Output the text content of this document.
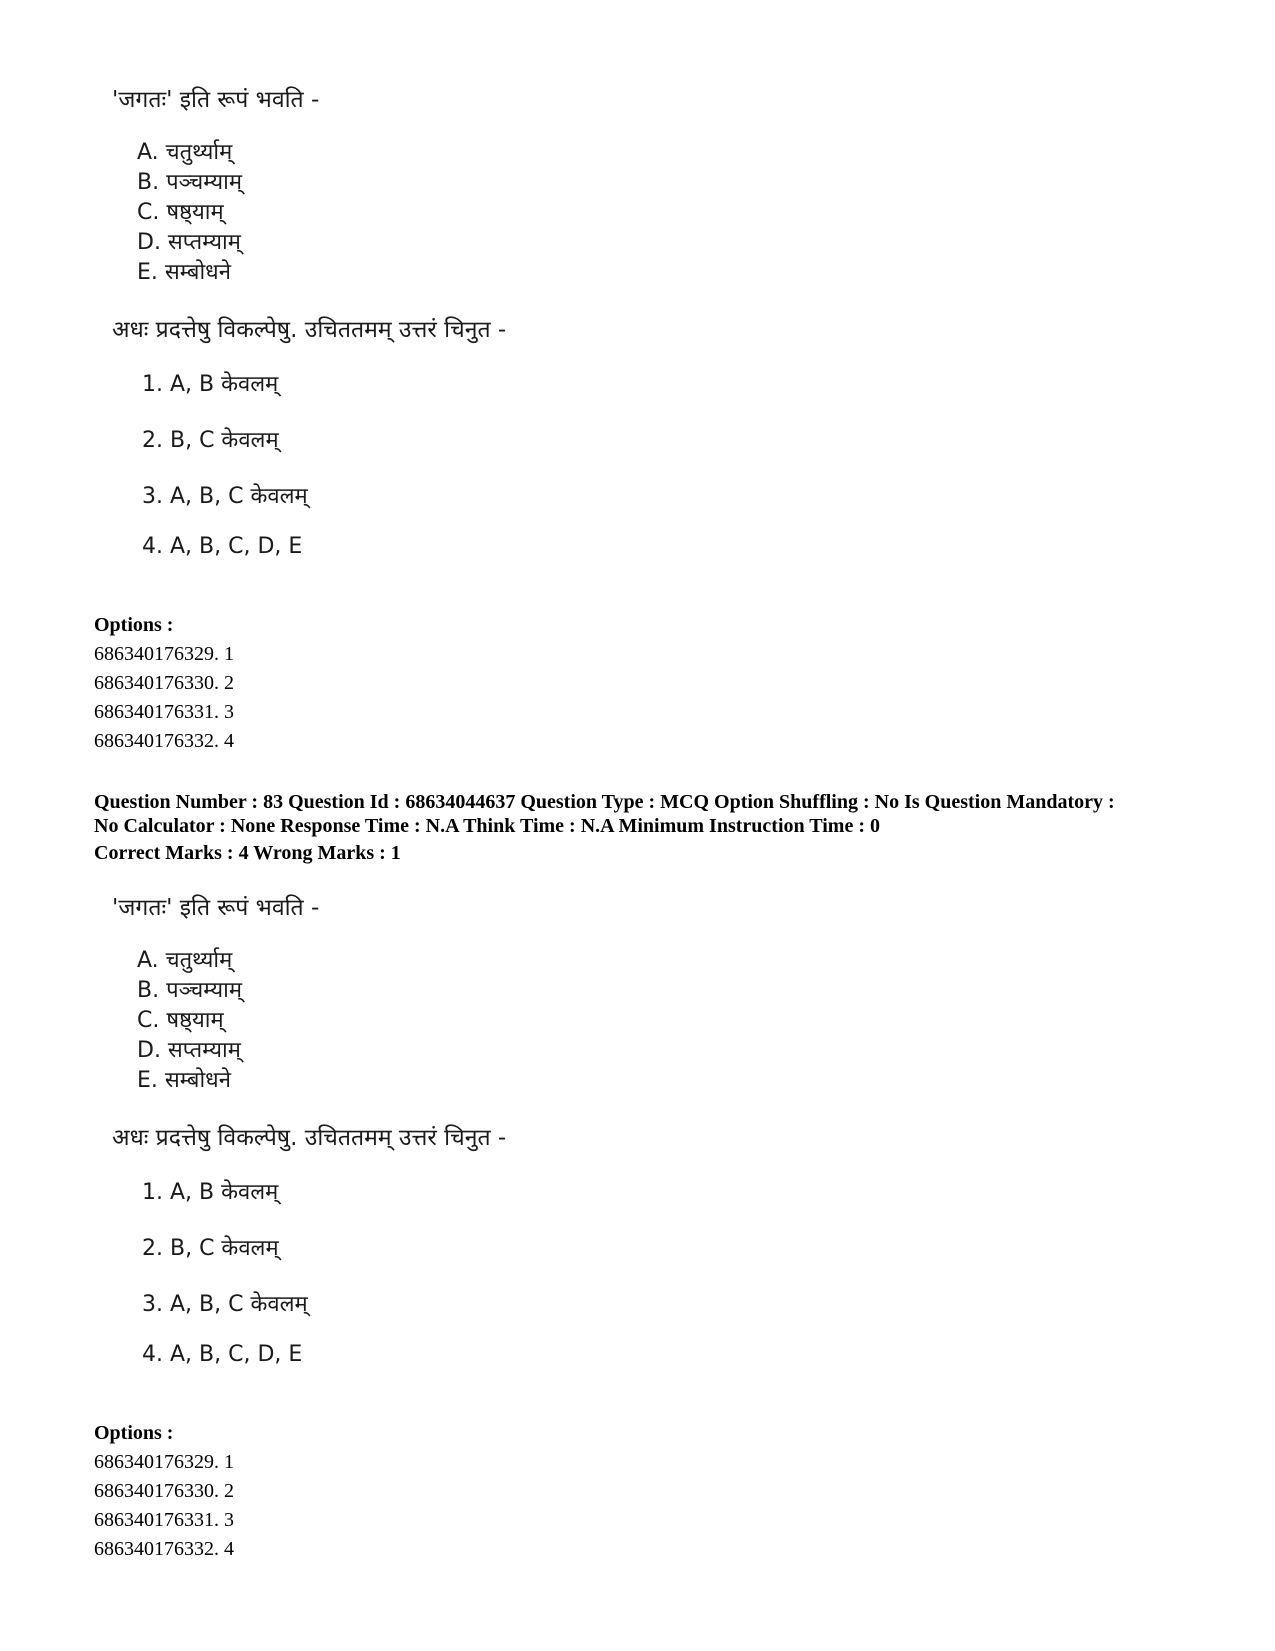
'जगतः' इति रूपं भवति -
A. चतुर्थ्याम्
B. पञ्चम्याम्
C. षष्ठ्याम्
D. सप्तम्याम्
E. सम्बोधने
अधः प्रदत्तेषु विकल्पेषु. उचिततमम् उत्तरं चिनुत -
1. A, B केवलम्
2. B, C केवलम्
3. A, B, C केवलम्
4. A, B, C, D, E
Options :
686340176329. 1
686340176330. 2
686340176331. 3
686340176332. 4
Question Number : 83 Question Id : 68634044637 Question Type : MCQ Option Shuffling : No Is Question Mandatory :
No Calculator : None Response Time : N.A Think Time : N.A Minimum Instruction Time : 0
Correct Marks : 4 Wrong Marks : 1
'जगतः' इति रूपं भवति -
A. चतुर्थ्याम्
B. पञ्चम्याम्
C. षष्ठ्याम्
D. सप्तम्याम्
E. सम्बोधने
अधः प्रदत्तेषु विकल्पेषु. उचिततमम् उत्तरं चिनुत -
1. A, B केवलम्
2. B, C केवलम्
3. A, B, C केवलम्
4. A, B, C, D, E
Options :
686340176329. 1
686340176330. 2
686340176331. 3
686340176332. 4
